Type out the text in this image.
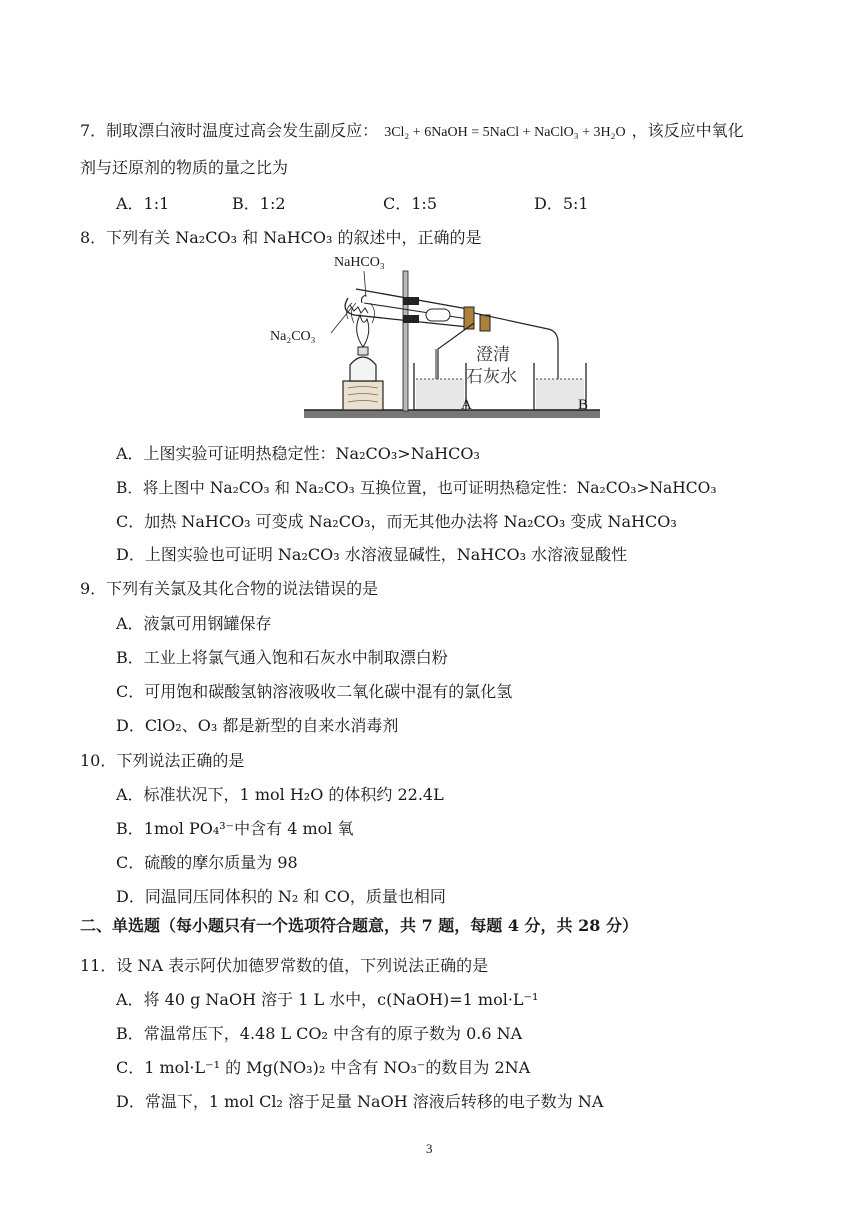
7．制取漂白液时温度过高会发生副反应： 3Cl₂ + 6NaOH = 5NaCl + NaClO₃ + 3H₂O ，该反应中氧化
剂与还原剂的物质的量之比为
A．1:1	B．1:2	C．1:5	D．5:1
8．下列有关 Na₂CO₃ 和 NaHCO₃ 的叙述中，正确的是
NaHCO₃
Na₂CO₃
澄清
石灰水
A	B
A．上图实验可证明热稳定性：Na₂CO₃>NaHCO₃
B．将上图中 Na₂CO₃ 和 Na₂CO₃ 互换位置，也可证明热稳定性：Na₂CO₃>NaHCO₃
C．加热 NaHCO₃ 可变成 Na₂CO₃，而无其他办法将 Na₂CO₃ 变成 NaHCO₃
D．上图实验也可证明 Na₂CO₃ 水溶液显碱性，NaHCO₃ 水溶液显酸性
9．下列有关氯及其化合物的说法错误的是
A．液氯可用钢罐保存
B．工业上将氯气通入饱和石灰水中制取漂白粉
C．可用饱和碳酸氢钠溶液吸收二氧化碳中混有的氯化氢
D．ClO₂、O₃ 都是新型的自来水消毒剂
10．下列说法正确的是
A．标准状况下，1 mol H₂O 的体积约 22.4L
B．1mol PO₄³⁻中含有 4 mol 氧
C．硫酸的摩尔质量为 98
D．同温同压同体积的 N₂ 和 CO，质量也相同
二、单选题（每小题只有一个选项符合题意，共 7 题，每题 4 分，共 28 分）
11．设 NA 表示阿伏加德罗常数的值，下列说法正确的是
A．将 40 g NaOH 溶于 1 L 水中，c(NaOH)=1 mol·L⁻¹
B．常温常压下，4.48 L CO₂ 中含有的原子数为 0.6 NA
C．1 mol·L⁻¹ 的 Mg(NO₃)₂ 中含有 NO₃⁻的数目为 2NA
D．常温下，1 mol Cl₂ 溶于足量 NaOH 溶液后转移的电子数为 NA
3
